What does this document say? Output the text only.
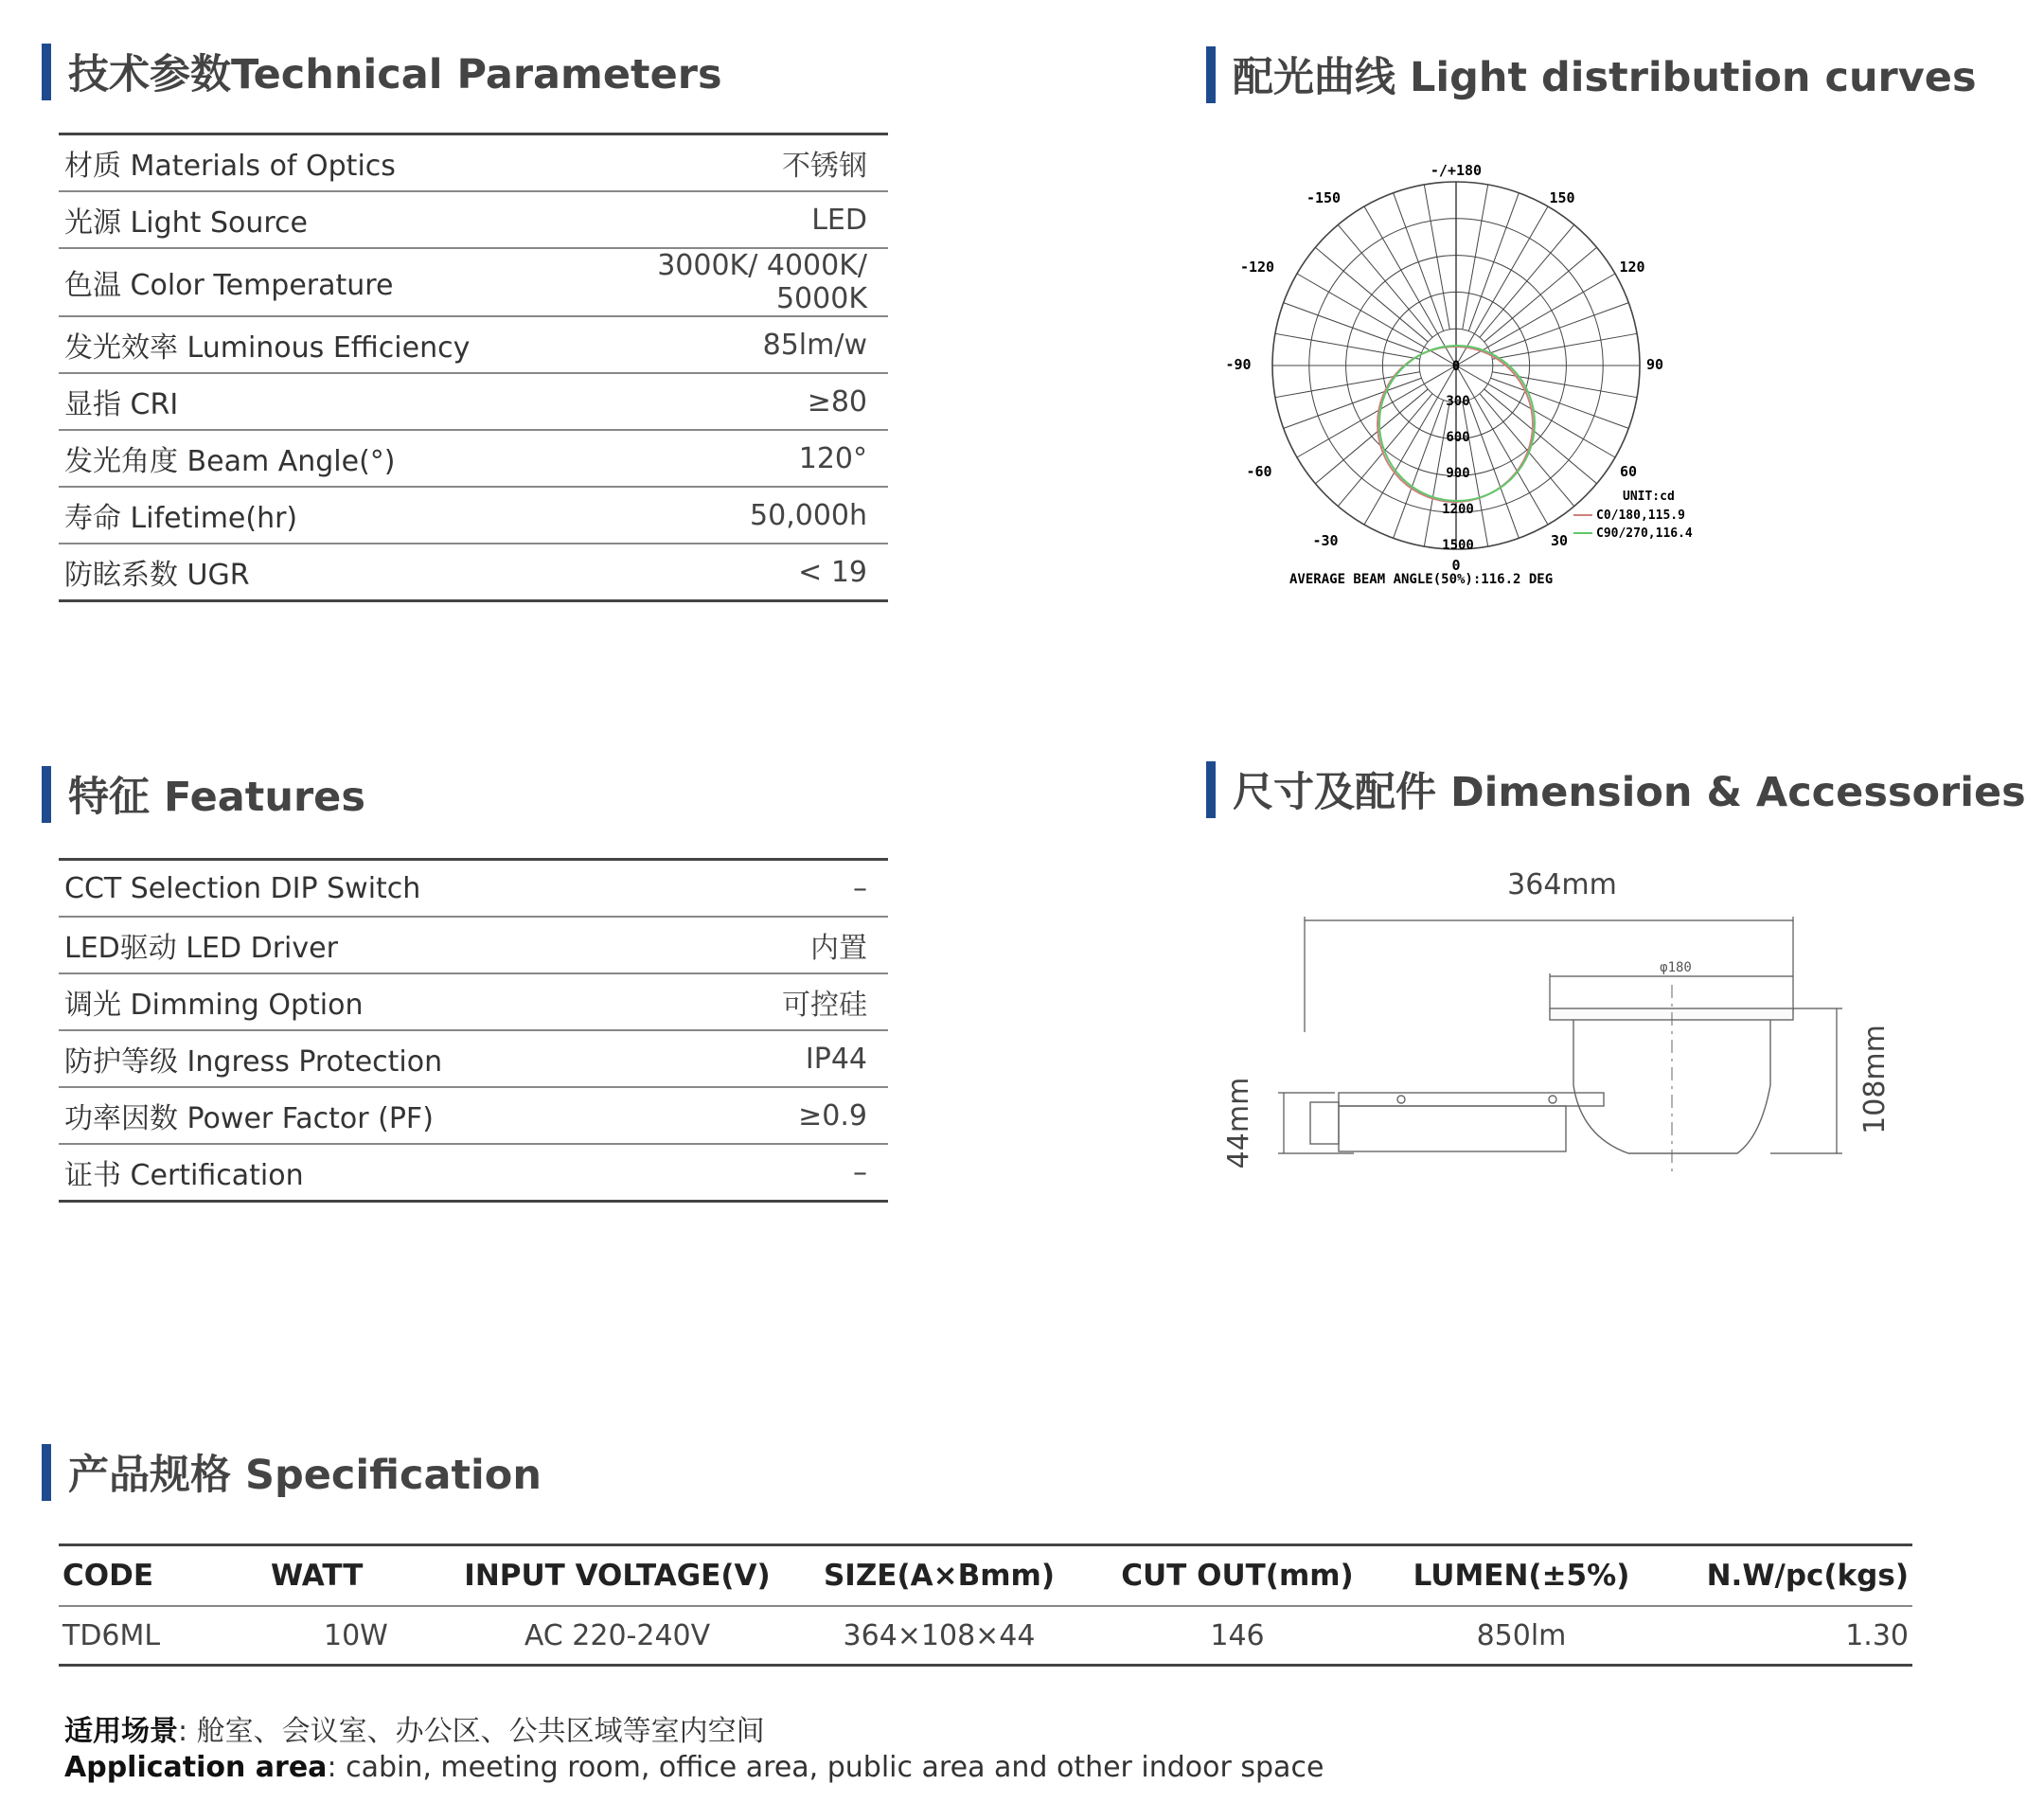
技术参数Technical Parameters
材质 Materials of Optics	不锈钢
光源 Light Source	LED
色温 Color Temperature	3000K/ 4000K/ 5000K
发光效率 Luminous Efficiency	85lm/w
显指 CRI	≥80
发光角度 Beam Angle(°)	120°
寿命 Lifetime(hr)	50,000h
防眩系数 UGR	< 19
配光曲线 Light distribution curves
-/+180
-150	150
-120	120
-90	90
-60	60
-30	30
0
0
300
600
900
1200
1500
UNIT:cd
C0/180,115.9
C90/270,116.4
AVERAGE BEAM ANGLE(50%):116.2 DEG
特征 Features
CCT Selection DIP Switch	–
LED驱动 LED Driver	内置
调光 Dimming Option	可控硅
防护等级 Ingress Protection	IP44
功率因数 Power Factor (PF)	≥0.9
证书 Certification	–
尺寸及配件 Dimension & Accessories
364mm
φ180
108mm
44mm
产品规格 Specification
CODE	WATT	INPUT VOLTAGE(V)	SIZE(A×Bmm)	CUT OUT(mm)	LUMEN(±5%)	N.W/pc(kgs)
TD6ML	10W	AC 220-240V	364×108×44	146	850lm	1.30
适用场景: 舱室、会议室、办公区、公共区域等室内空间
Application area: cabin, meeting room, office area, public area and other indoor space
